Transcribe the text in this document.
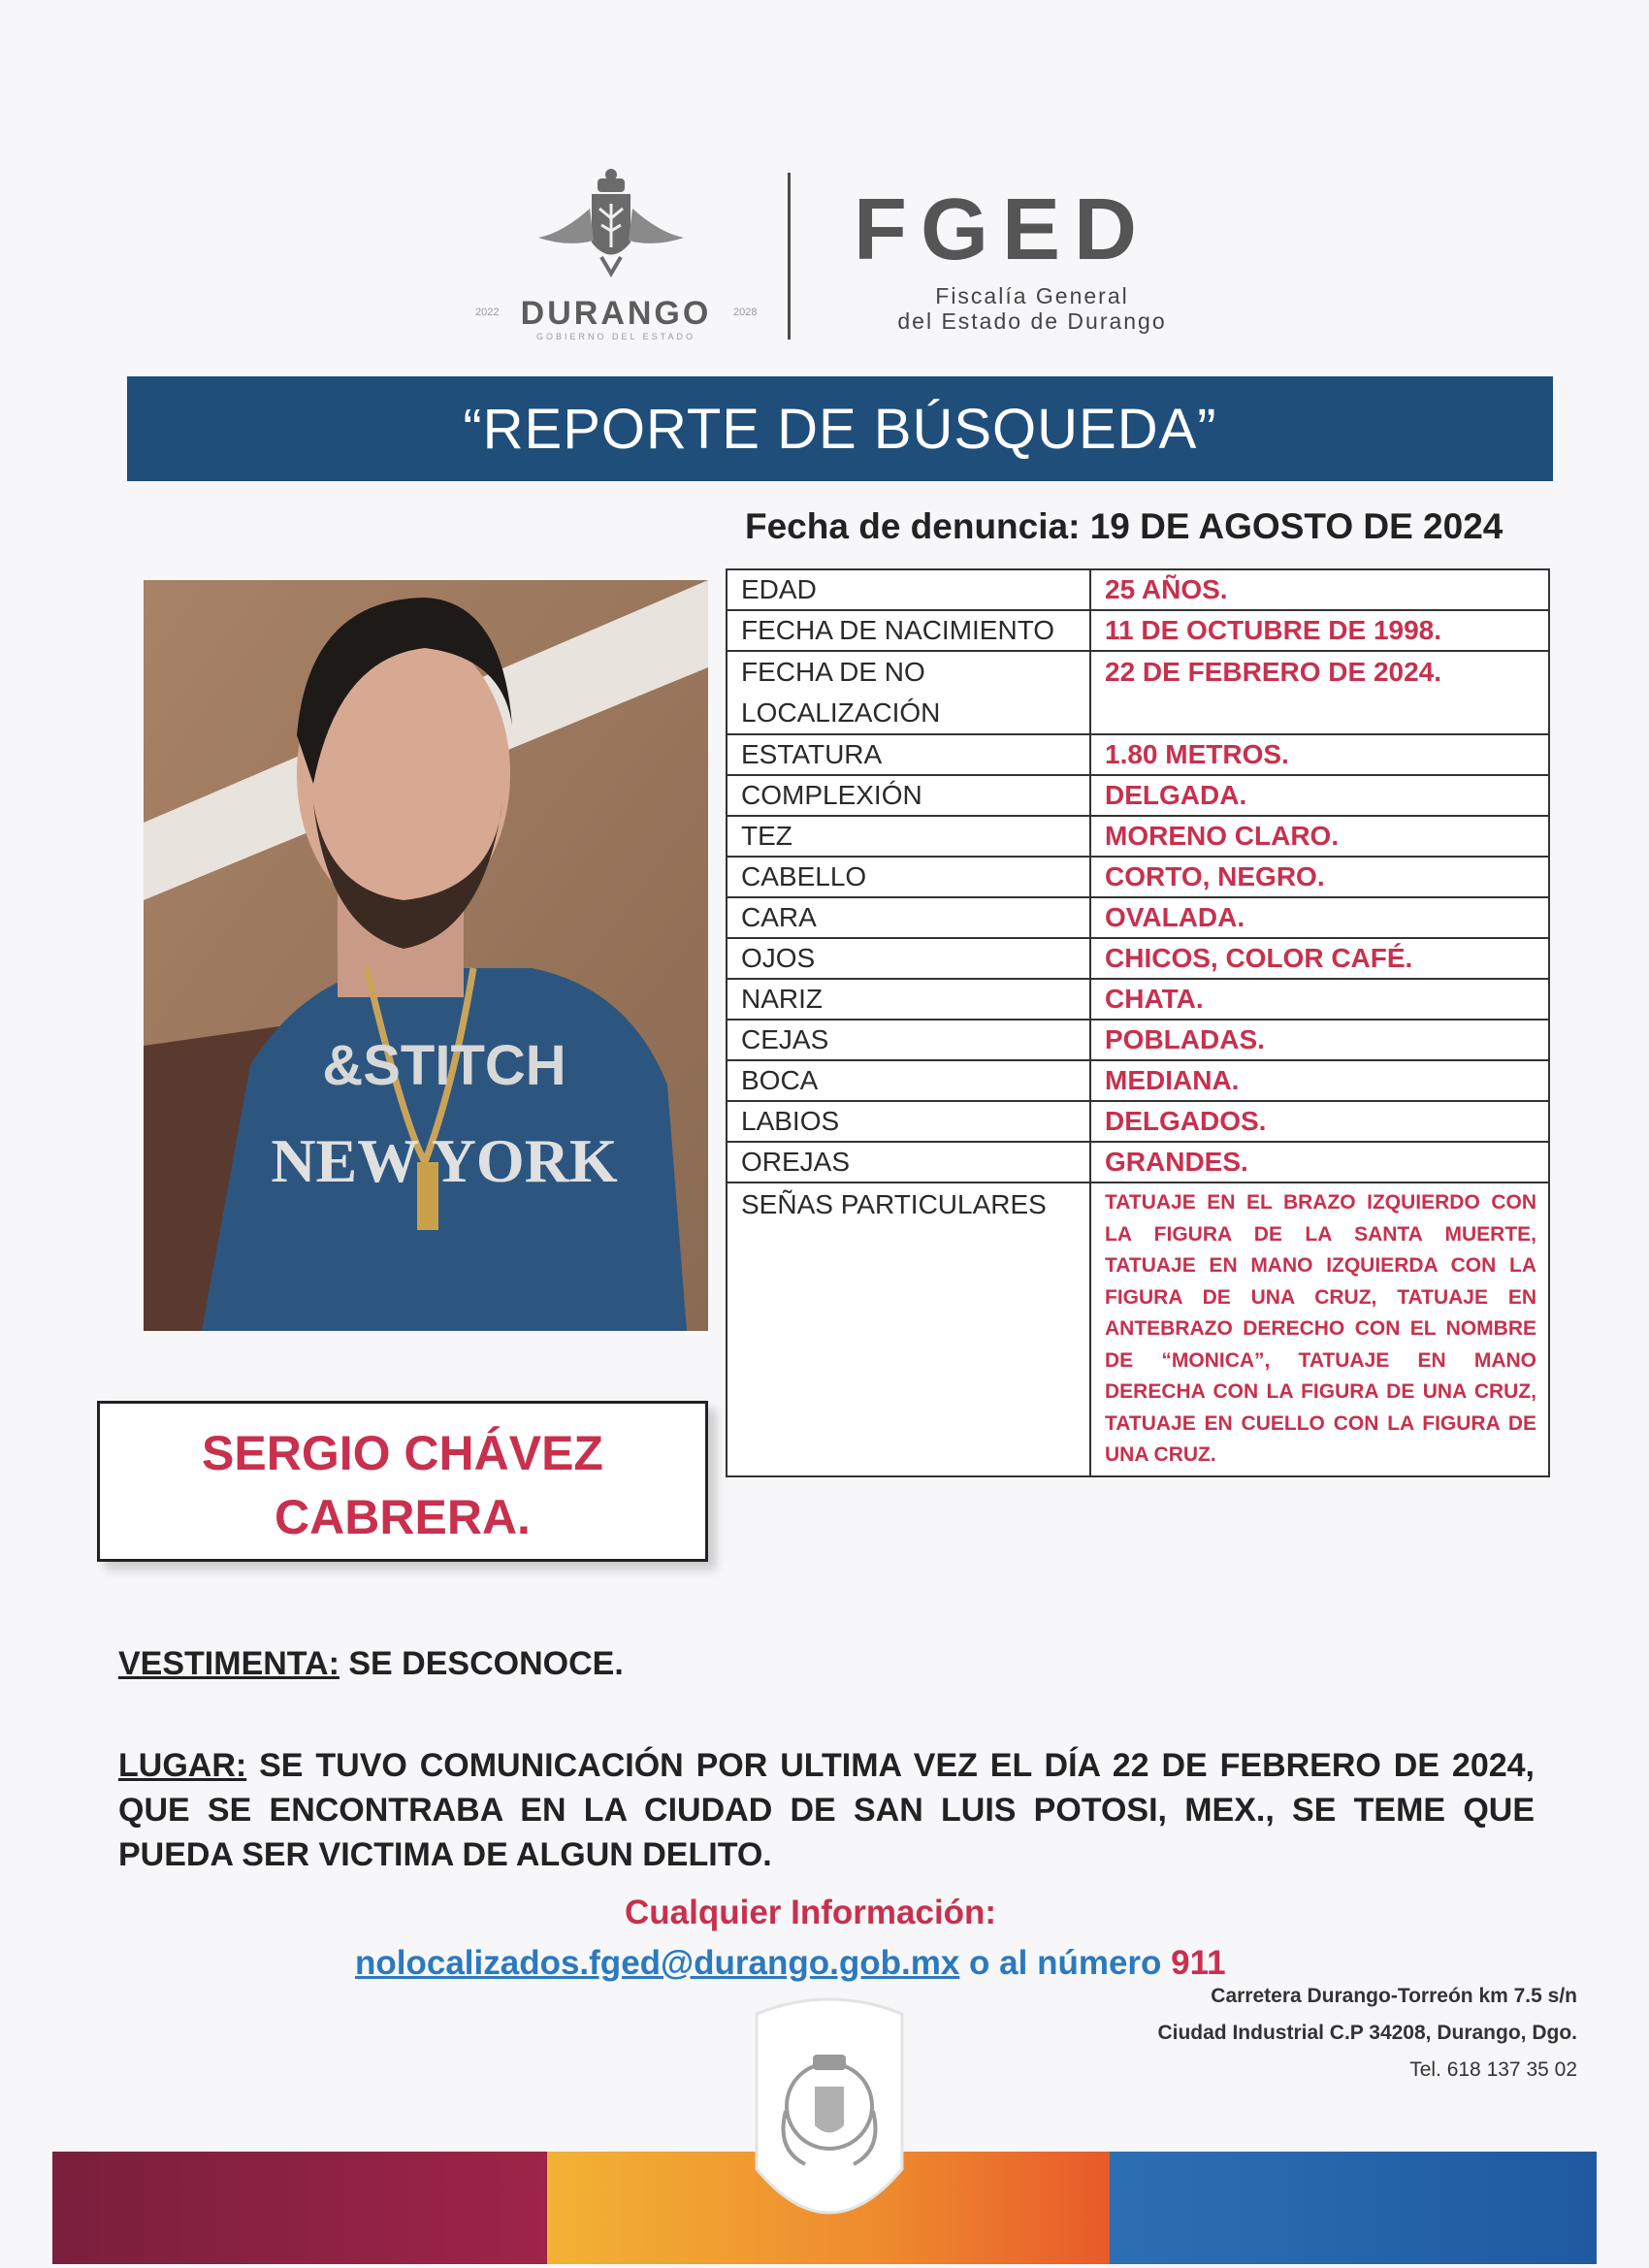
2022 DURANGO	2028
GOBIERNO DEL ESTADO
FGED
Fiscalía General
del Estado de Durango
“REPORTE DE BÚSQUEDA”
Fecha de denuncia: 19 DE AGOSTO DE 2024
&STITCH
NEW YORK
SERGIO CHÁVEZ
CABRERA.
EDAD	25 AÑOS.
FECHA DE NACIMIENTO	11 DE OCTUBRE DE 1998.
FECHA DE NO LOCALIZACIÓN	22 DE FEBRERO DE 2024.
ESTATURA	1.80 METROS.
COMPLEXIÓN	DELGADA.
TEZ	MORENO CLARO.
CABELLO	CORTO, NEGRO.
CARA	OVALADA.
OJOS	CHICOS, COLOR CAFÉ.
NARIZ	CHATA.
CEJAS	POBLADAS.
BOCA	MEDIANA.
LABIOS	DELGADOS.
OREJAS	GRANDES.
SEÑAS PARTICULARES	TATUAJE EN EL BRAZO IZQUIERDO CON LA FIGURA DE LA SANTA MUERTE, TATUAJE EN MANO IZQUIERDA CON LA FIGURA DE UNA CRUZ, TATUAJE EN ANTEBRAZO DERECHO CON EL NOMBRE DE “MONICA”, TATUAJE EN MANO DERECHA CON LA FIGURA DE UNA CRUZ, TATUAJE EN CUELLO CON LA FIGURA DE UNA CRUZ.
VESTIMENTA: SE DESCONOCE.
LUGAR: SE TUVO COMUNICACIÓN POR ULTIMA VEZ EL DÍA 22 DE FEBRERO DE 2024, QUE SE ENCONTRABA EN LA CIUDAD DE SAN LUIS POTOSI, MEX., SE TEME QUE PUEDA SER VICTIMA DE ALGUN DELITO.
Cualquier Información:
nolocalizados.fged@durango.gob.mx o al número 911
Carretera Durango-Torreón km 7.5 s/n
Ciudad Industrial C.P 34208, Durango, Dgo.
Tel. 618 137 35 02
